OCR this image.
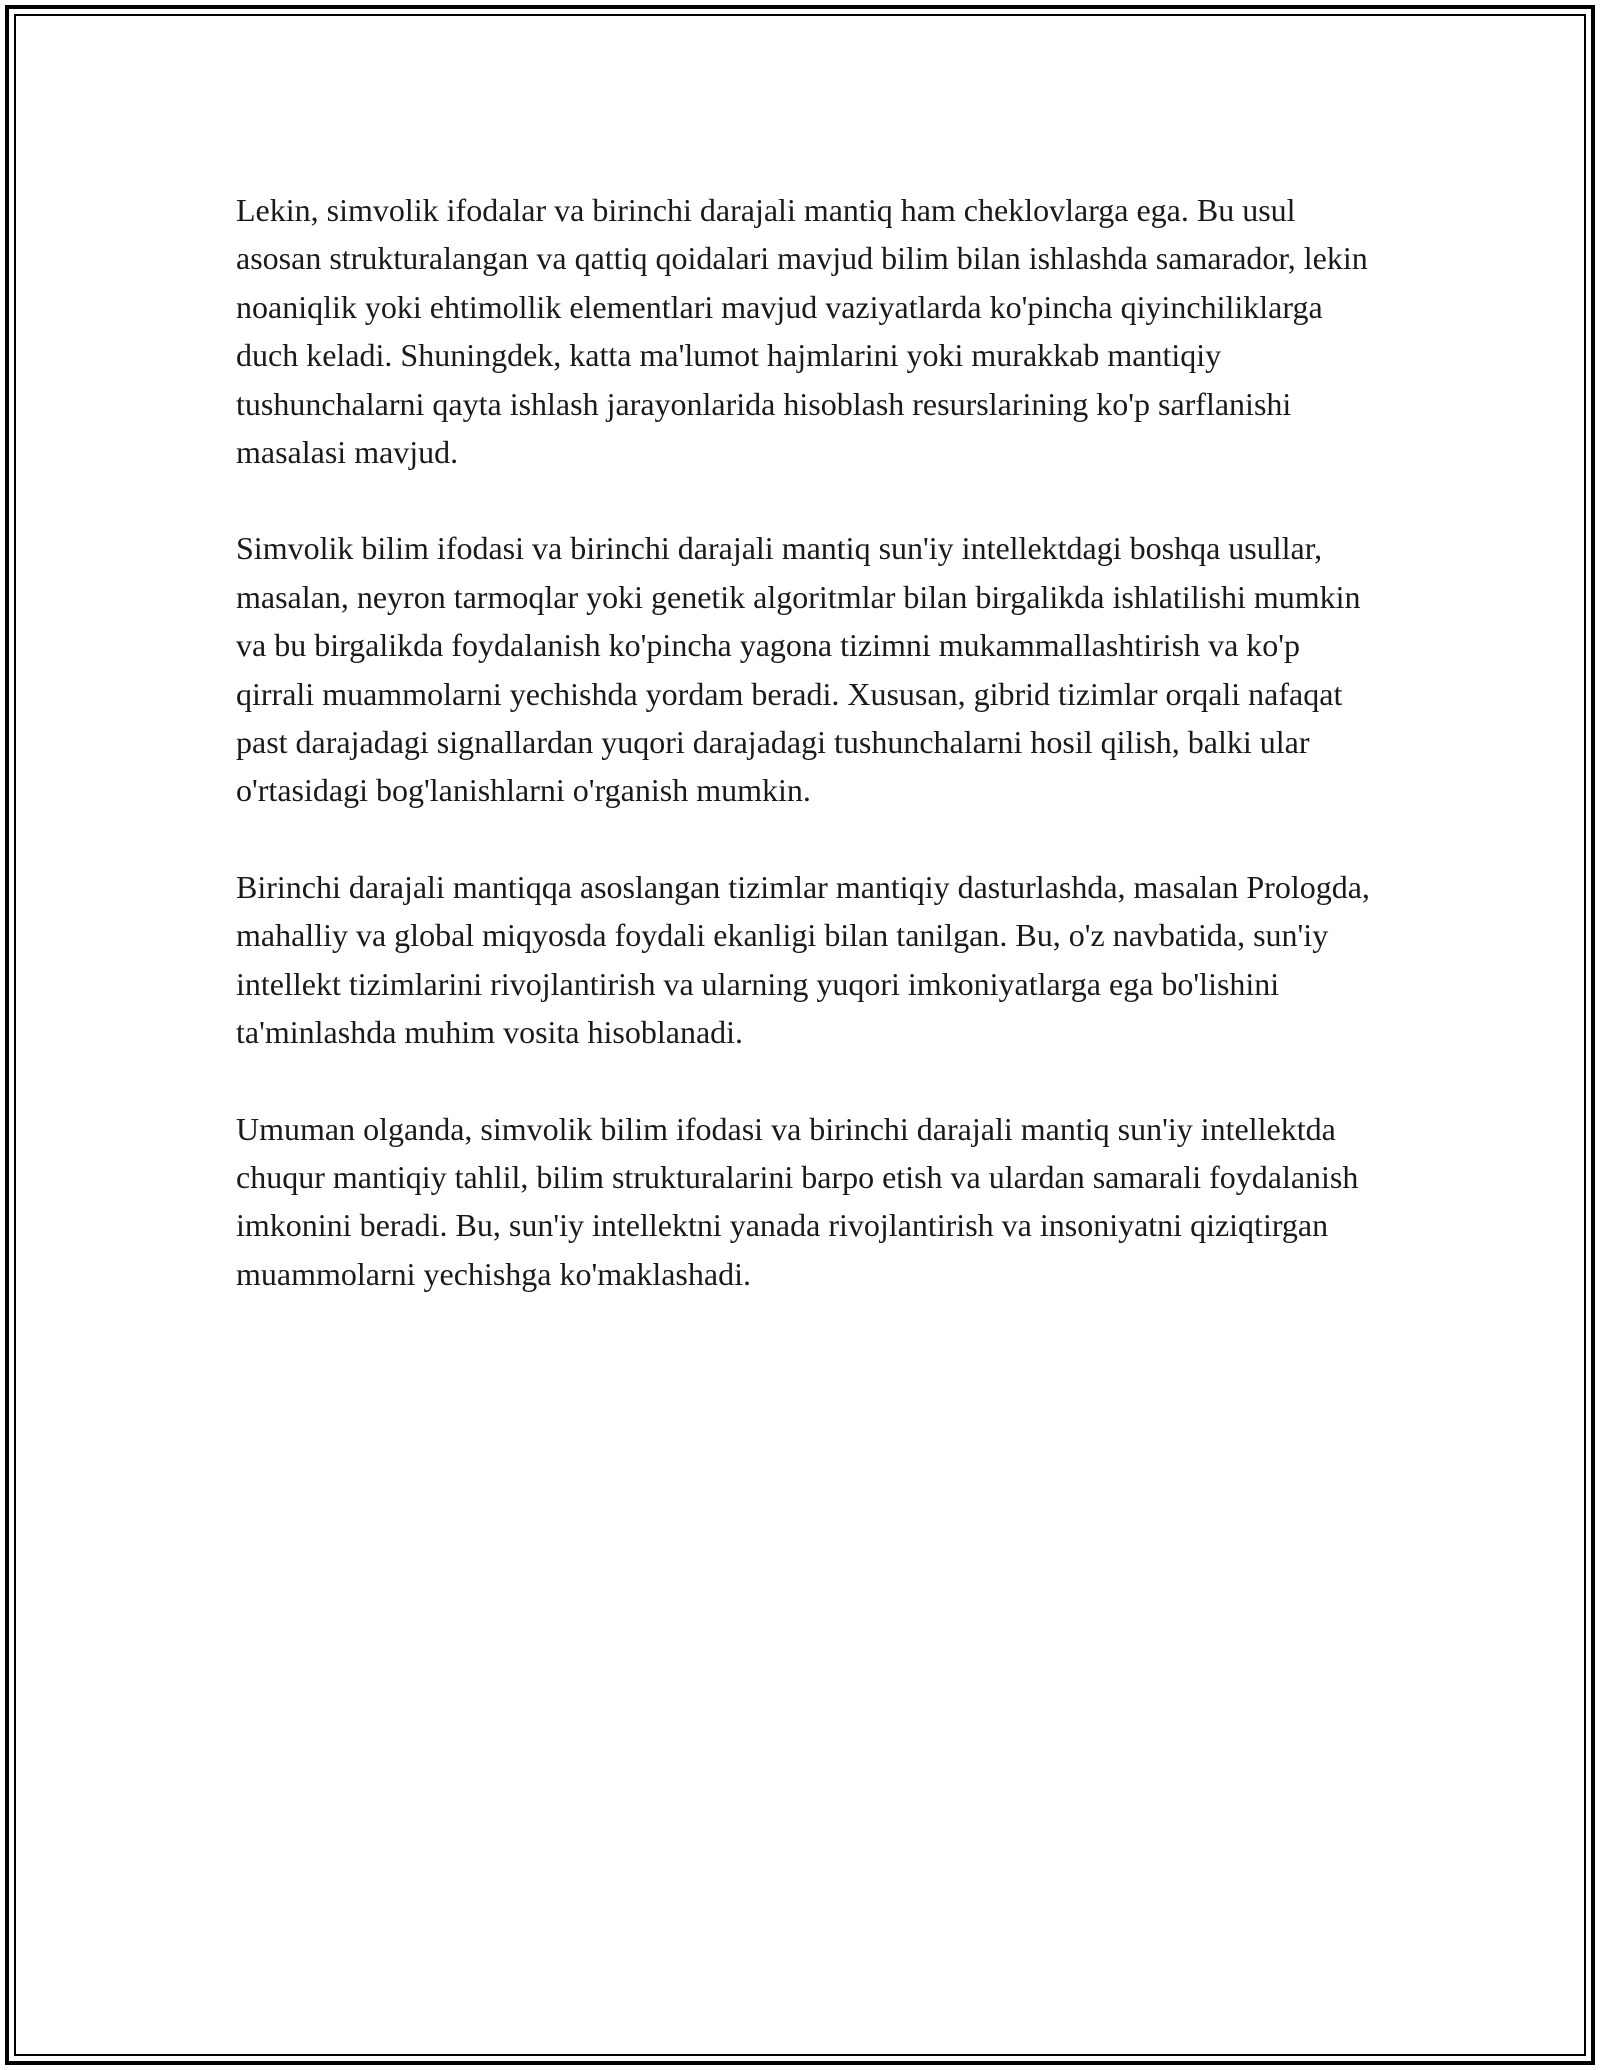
Lekin, simvolik ifodalar va birinchi darajali mantiq ham cheklovlarga ega. Bu usul asosan strukturalangan va qattiq qoidalari mavjud bilim bilan ishlashda samarador, lekin noaniqlik yoki ehtimollik elementlari mavjud vaziyatlarda ko'pincha qiyinchiliklarga duch keladi. Shuningdek, katta ma'lumot hajmlarini yoki murakkab mantiqiy tushunchalarni qayta ishlash jarayonlarida hisoblash resurslarining ko'p sarflanishi masalasi mavjud.

Simvolik bilim ifodasi va birinchi darajali mantiq sun'iy intellektdagi boshqa usullar, masalan, neyron tarmoqlar yoki genetik algoritmlar bilan birgalikda ishlatilishi mumkin va bu birgalikda foydalanish ko'pincha yagona tizimni mukammallashtirish va ko'p qirrali muammolarni yechishda yordam beradi. Xususan, gibrid tizimlar orqali nafaqat past darajadagi signallardan yuqori darajadagi tushunchalarni hosil qilish, balki ular o'rtasidagi bog'lanishlarni o'rganish mumkin.

Birinchi darajali mantiqqa asoslangan tizimlar mantiqiy dasturlashda, masalan Prologda, mahalliy va global miqyosda foydali ekanligi bilan tanilgan. Bu, o'z navbatida, sun'iy intellekt tizimlarini rivojlantirish va ularning yuqori imkoniyatlarga ega bo'lishini ta'minlashda muhim vosita hisoblanadi.

Umuman olganda, simvolik bilim ifodasi va birinchi darajali mantiq sun'iy intellektda chuqur mantiqiy tahlil, bilim strukturalarini barpo etish va ulardan samarali foydalanish imkonini beradi. Bu, sun'iy intellektni yanada rivojlantirish va insoniyatni qiziqtirgan muammolarni yechishga ko'maklashadi.
